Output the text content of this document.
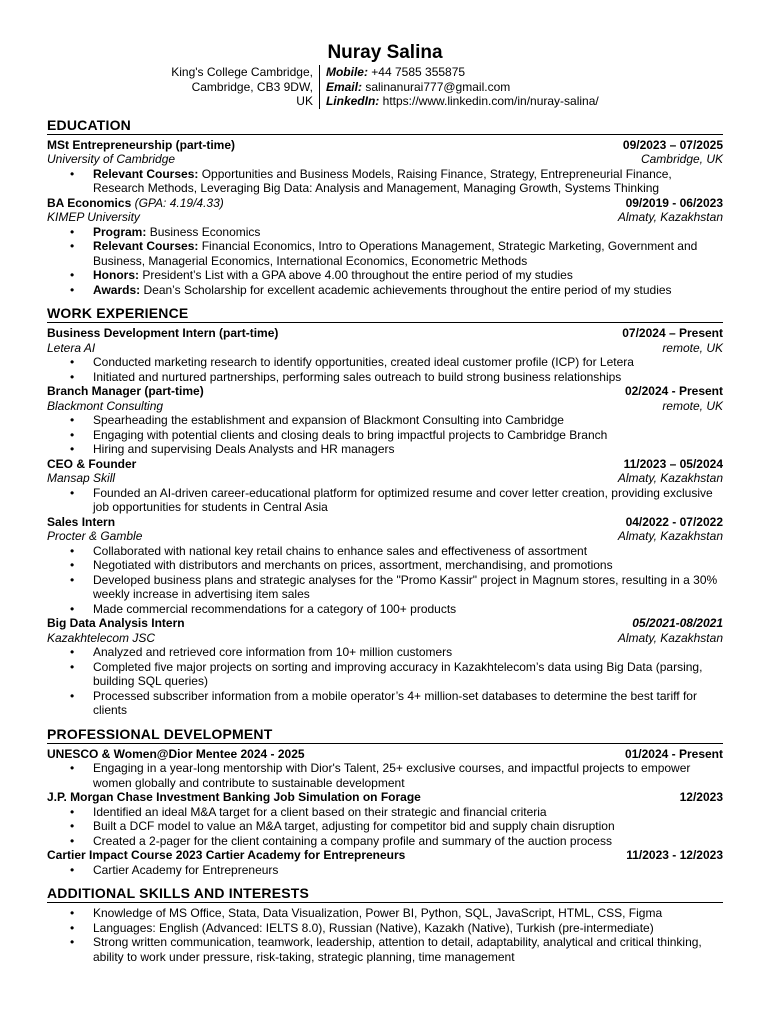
Nuray Salina
King's College Cambridge,
Cambridge, CB3 9DW,
UK
Mobile: +44 7585 355875
Email: salinanurai777@gmail.com
LinkedIn: https://www.linkedin.com/in/nuray-salina/
EDUCATION
MSt Entrepreneurship (part-time)	09/2023 – 07/2025
University of Cambridge	Cambridge, UK
• Relevant Courses: Opportunities and Business Models, Raising Finance, Strategy, Entrepreneurial Finance, Research Methods, Leveraging Big Data: Analysis and Management, Managing Growth, Systems Thinking
BA Economics (GPA: 4.19/4.33)	09/2019 - 06/2023
KIMEP University	Almaty, Kazakhstan
• Program: Business Economics
• Relevant Courses: Financial Economics, Intro to Operations Management, Strategic Marketing, Government and Business, Managerial Economics, International Economics, Econometric Methods
• Honors: President’s List with a GPA above 4.00 throughout the entire period of my studies
• Awards: Dean’s Scholarship for excellent academic achievements throughout the entire period of my studies
WORK EXPERIENCE
Business Development Intern (part-time)	07/2024 – Present
Letera AI	remote, UK
• Conducted marketing research to identify opportunities, created ideal customer profile (ICP) for Letera
• Initiated and nurtured partnerships, performing sales outreach to build strong business relationships
Branch Manager (part-time)	02/2024 - Present
Blackmont Consulting	remote, UK
• Spearheading the establishment and expansion of Blackmont Consulting into Cambridge
• Engaging with potential clients and closing deals to bring impactful projects to Cambridge Branch
• Hiring and supervising Deals Analysts and HR managers
CEO & Founder	11/2023 – 05/2024
Mansap Skill	Almaty, Kazakhstan
• Founded an AI-driven career-educational platform for optimized resume and cover letter creation, providing exclusive job opportunities for students in Central Asia
Sales Intern	04/2022 - 07/2022
Procter & Gamble	Almaty, Kazakhstan
• Collaborated with national key retail chains to enhance sales and effectiveness of assortment
• Negotiated with distributors and merchants on prices, assortment, merchandising, and promotions
• Developed business plans and strategic analyses for the "Promo Kassir" project in Magnum stores, resulting in a 30% weekly increase in advertising item sales
• Made commercial recommendations for a category of 100+ products
Big Data Analysis Intern	05/2021-08/2021
Kazakhtelecom JSC	Almaty, Kazakhstan
• Analyzed and retrieved core information from 10+ million customers
• Completed five major projects on sorting and improving accuracy in Kazakhtelecom’s data using Big Data (parsing, building SQL queries)
• Processed subscriber information from a mobile operator’s 4+ million-set databases to determine the best tariff for clients
PROFESSIONAL DEVELOPMENT
UNESCO & Women@Dior Mentee 2024 - 2025	01/2024 - Present
• Engaging in a year-long mentorship with Dior's Talent, 25+ exclusive courses, and impactful projects to empower women globally and contribute to sustainable development
J.P. Morgan Chase Investment Banking Job Simulation on Forage	12/2023
• Identified an ideal M&A target for a client based on their strategic and financial criteria
• Built a DCF model to value an M&A target, adjusting for competitor bid and supply chain disruption
• Created a 2-pager for the client containing a company profile and summary of the auction process
Cartier Impact Course 2023 Cartier Academy for Entrepreneurs	11/2023 - 12/2023
• Cartier Academy for Entrepreneurs
ADDITIONAL SKILLS AND INTERESTS
• Knowledge of MS Office, Stata, Data Visualization, Power BI, Python, SQL, JavaScript, HTML, CSS, Figma
• Languages: English (Advanced: IELTS 8.0), Russian (Native), Kazakh (Native), Turkish (pre-intermediate)
• Strong written communication, teamwork, leadership, attention to detail, adaptability, analytical and critical thinking, ability to work under pressure, risk-taking, strategic planning, time management
